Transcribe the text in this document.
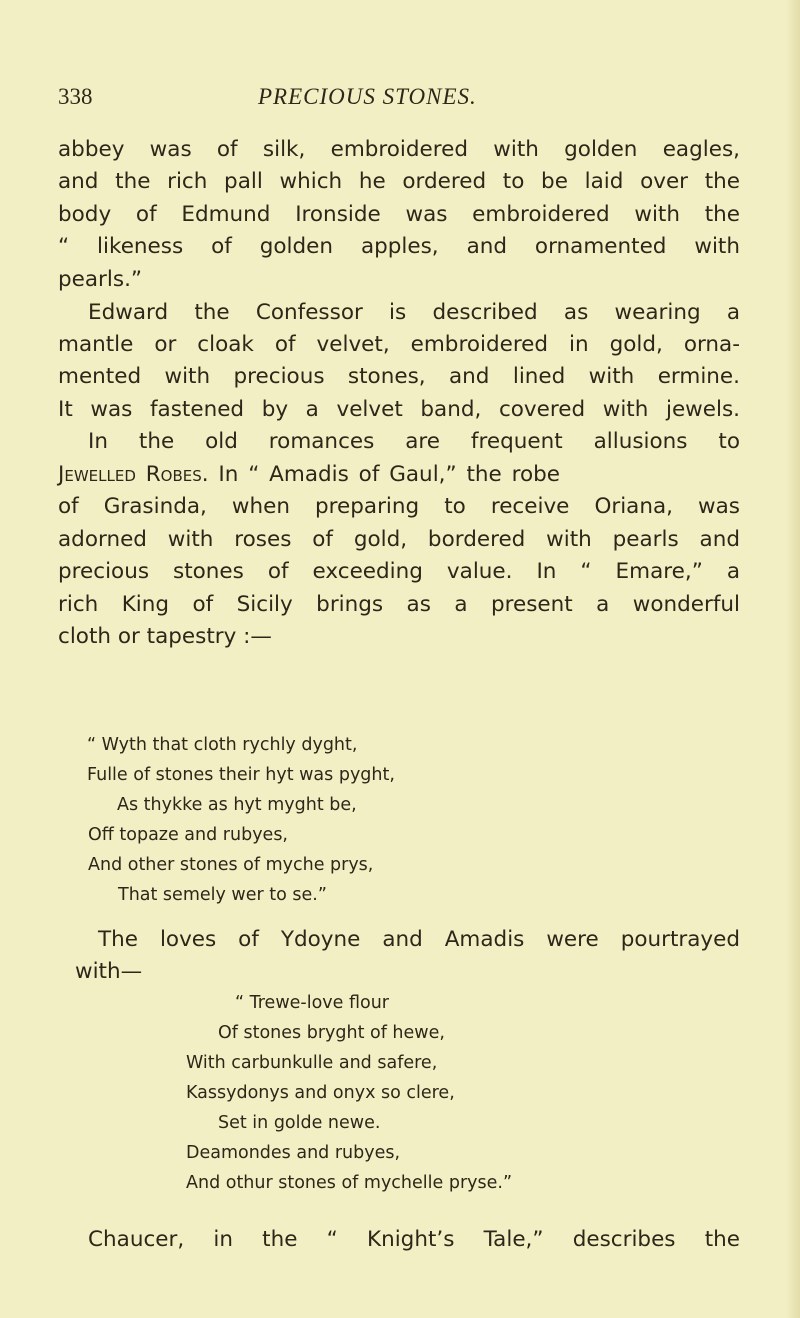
338	PRECIOUS STONES.
abbey was of silk, embroidered with golden eagles,
and the rich pall which he ordered to be laid over the
body of Edmund Ironside was embroidered with the
“ likeness of golden apples, and ornamented with
pearls.”
Edward the Confessor is described as wearing a
mantle or cloak of velvet, embroidered in gold, orna-
mented with precious stones, and lined with ermine.
It was fastened by a velvet band, covered with jewels.
In the old romances are frequent allusions to
Jewelled Robes. In “ Amadis of Gaul,” the robe
of Grasinda, when preparing to receive Oriana, was
adorned with roses of gold, bordered with pearls and
precious stones of exceeding value. In “ Emare,” a
rich King of Sicily brings as a present a wonderful
cloth or tapestry :—
“ Wyth that cloth rychly dyght,
Fulle of stones their hyt was pyght,
As thykke as hyt myght be,
Off topaze and rubyes,
And other stones of myche prys,
That semely wer to se.”
The loves of Ydoyne and Amadis were pourtrayed
with—
“ Trewe-love flour
Of stones bryght of hewe,
With carbunkulle and safere,
Kassydonys and onyx so clere,
Set in golde newe.
Deamondes and rubyes,
And othur stones of mychelle pryse.”
Chaucer, in the “ Knight’s Tale,” describes the
